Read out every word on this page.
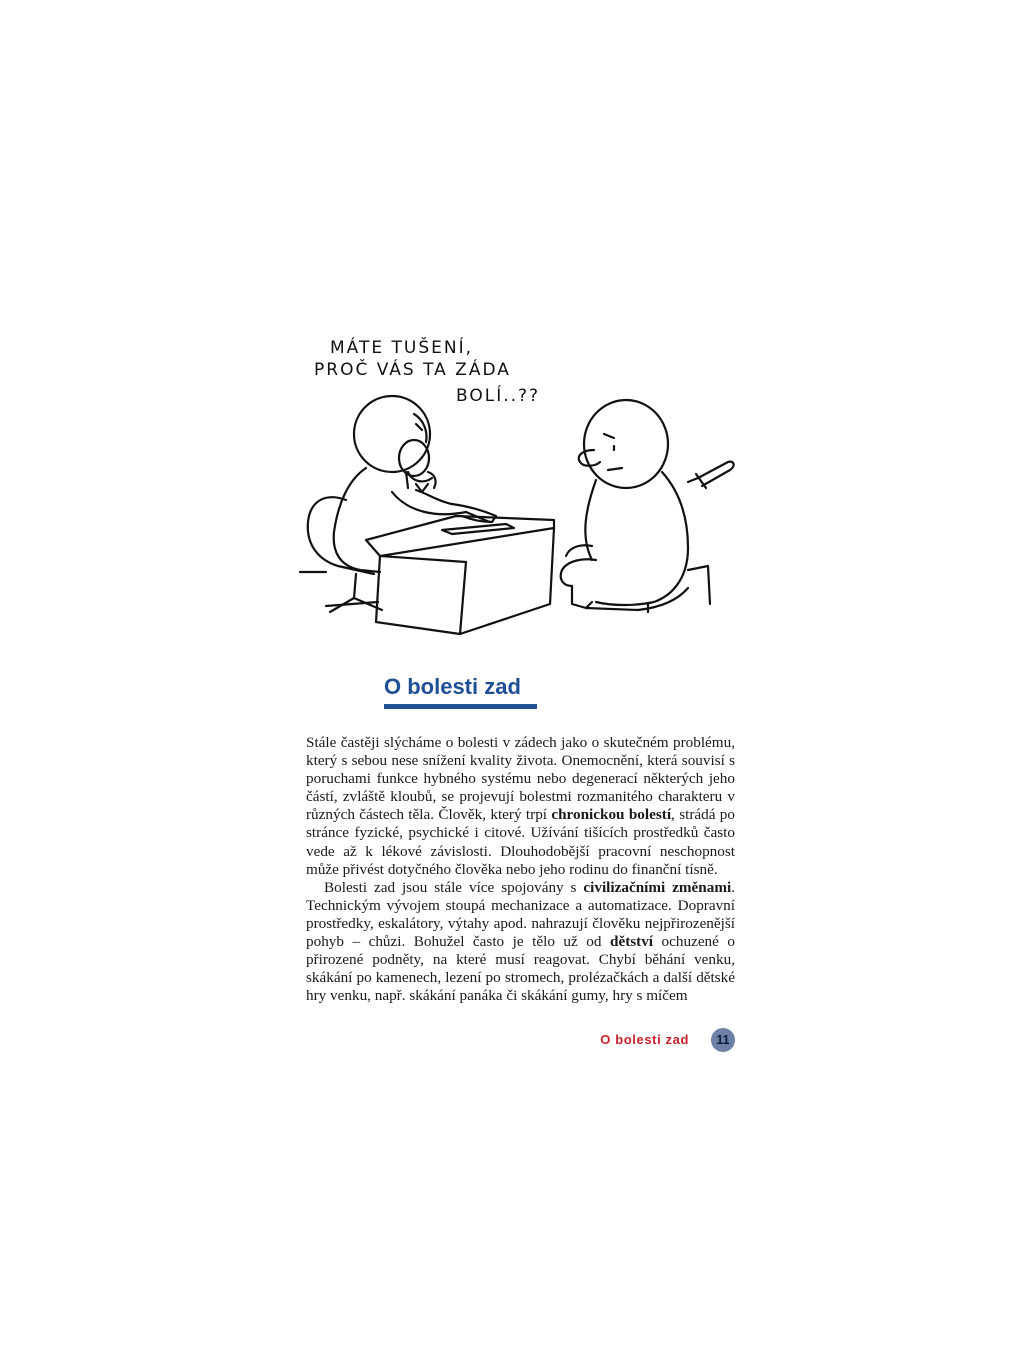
MÁTE TUŠENÍ,
PROČ VÁS TA ZÁDA
BOLÍ..??
O bolesti zad

Stále častěji slýcháme o bolesti v zádech jako o skutečném problému, který s sebou nese snížení kvality života. Onemocnění, která souvisí s poruchami funkce hybného systému nebo degenerací některých jeho částí, zvláště kloubů, se projevují bolestmi rozmanitého charakteru v různých částech těla. Člověk, který trpí chronickou bolestí, strádá po stránce fyzické, psychické i citové. Užívání tišících prostředků často vede až k lékové závislosti. Dlouhodobější pracovní neschopnost může přivést dotyčného člověka nebo jeho rodinu do finanční tísně.

Bolesti zad jsou stále více spojovány s civilizačními změnami. Technickým vývojem stoupá mechanizace a automatizace. Dopravní prostředky, eskalátory, výtahy apod. nahrazují člověku nejpřirozenější pohyb – chůzi. Bohužel často je tělo už od dětství ochuzené o přirozené podněty, na které musí reagovat. Chybí běhání venku, skákání po kamenech, lezení po stromech, prolézačkách a další dětské hry venku, např. skákání panáka či skákání gumy, hry s míčem

O bolesti zad	11
